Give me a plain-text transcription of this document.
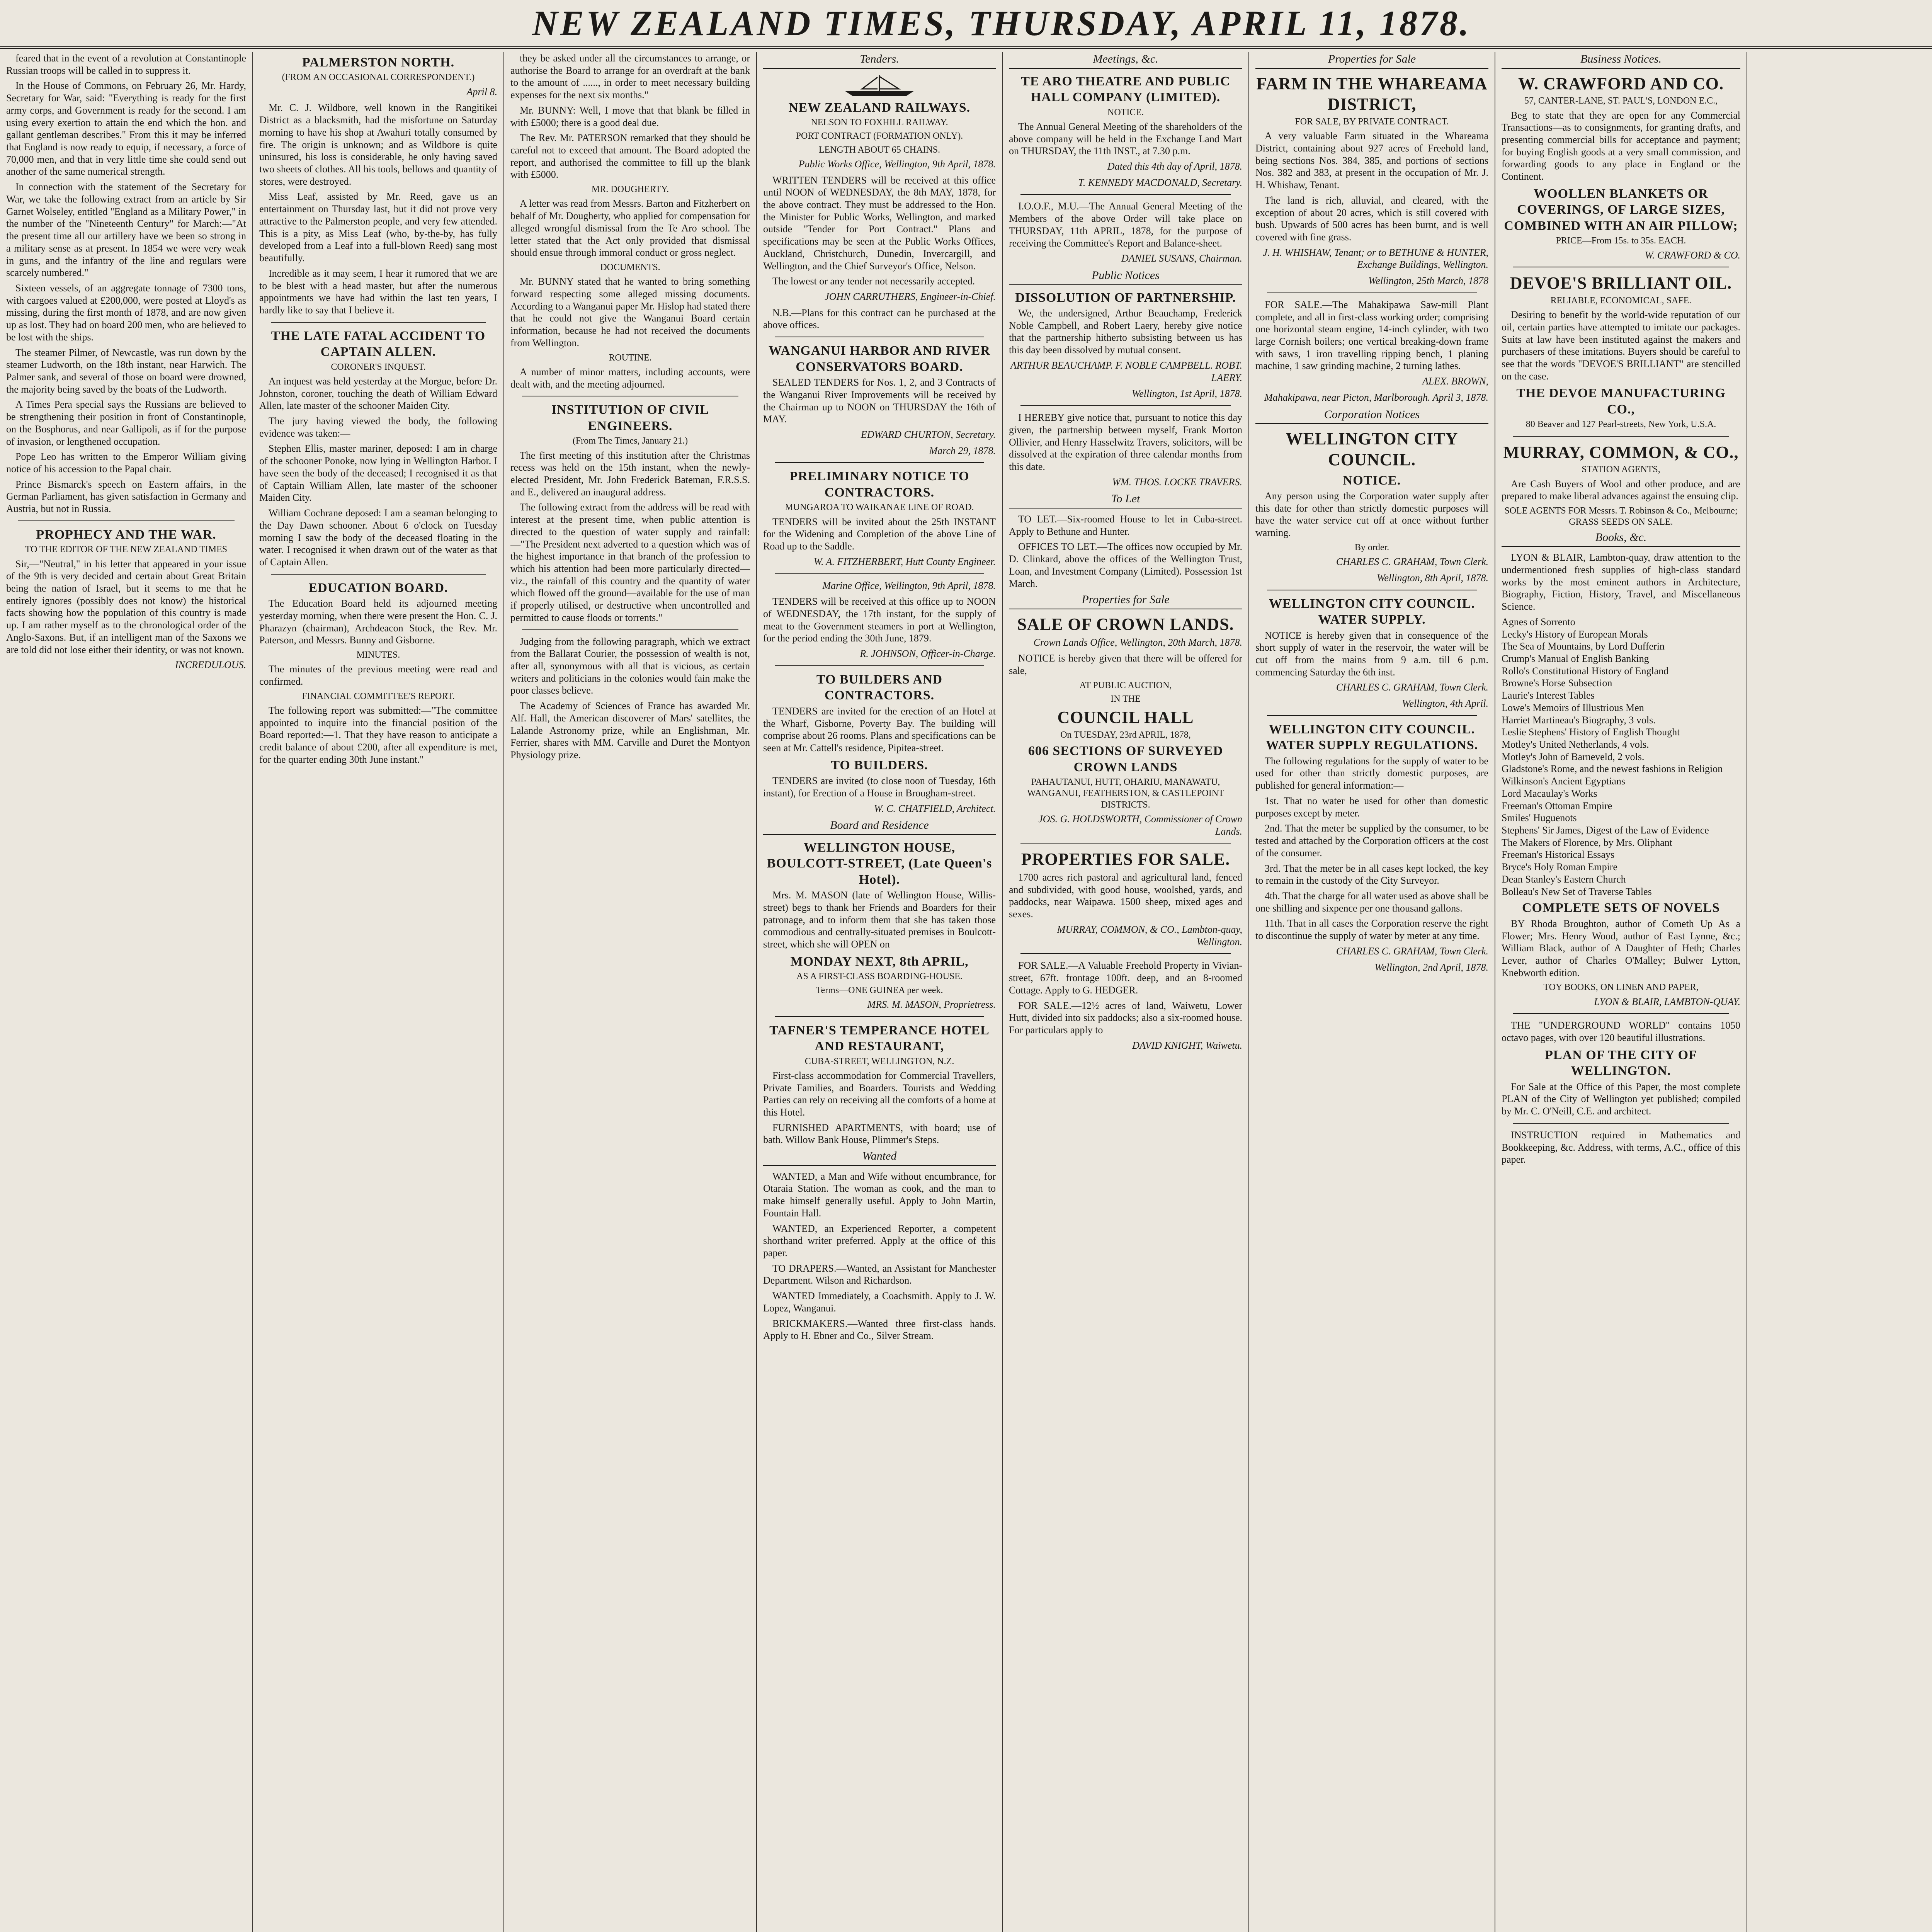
NEW ZEALAND TIMES, THURSDAY, APRIL 11, 1878.
feared that in the event of a revolution at Constantinople Russian troops will be called in to suppress it.
In the House of Commons, on February 26, Mr. Hardy, Secretary for War, said: "Everything is ready for the first army corps, and Government is ready for the second. I am using every exertion to attain the end which the hon. and gallant gentleman describes." From this it may be inferred that England is now ready to equip, if necessary, a force of 70,000 men, and that in very little time she could send out another of the same numerical strength.
In connection with the statement of the Secretary for War, we take the following extract from an article by Sir Garnet Wolseley, entitled "England as a Military Power," in the number of the "Nineteenth Century" for March:—"At the present time all our artillery have we been so strong in a military sense as at present. In 1854 we were very weak in guns, and the infantry of the line and regulars were scarcely numbered."
Sixteen vessels, of an aggregate tonnage of 7300 tons, with cargoes valued at £200,000, were posted at Lloyd's as missing, during the first month of 1878, and are now given up as lost. They had on board 200 men, who are believed to be lost with the ships.
The steamer Pilmer, of Newcastle, was run down by the steamer Ludworth, on the 18th instant, near Harwich. The Palmer sank, and several of those on board were drowned, the majority being saved by the boats of the Ludworth.
A Times Pera special says the Russians are believed to be strengthening their position in front of Constantinople, on the Bosphorus, and near Gallipoli, as if for the purpose of invasion, or lengthened occupation.
Pope Leo has written to the Emperor William giving notice of his accession to the Papal chair.
Prince Bismarck's speech on Eastern affairs, in the German Parliament, has given satisfaction in Germany and Austria, but not in Russia.
PROPHECY AND THE WAR.
TO THE EDITOR OF THE NEW ZEALAND TIMES
Sir,—"Neutral," in his letter that appeared in your issue of the 9th is very decided and certain about Great Britain being the nation of Israel, but it seems to me that he entirely ignores (possibly does not know) the historical facts showing how the population of this country is made up. I am rather myself as to the chronological order of the Anglo-Saxons. But, if an intelligent man of the Saxons we are told did not lose either their identity, or was not known.
INCREDULOUS.
PALMERSTON NORTH.
(FROM AN OCCASIONAL CORRESPONDENT.)
April 8.
Mr. C. J. Wildbore, well known in the Rangitikei District as a blacksmith, had the misfortune on Saturday morning to have his shop at Awahuri totally consumed by fire. The origin is unknown; and as Wildbore is quite uninsured, his loss is considerable, he only having saved two sheets of clothes. All his tools, bellows and quantity of stores, were destroyed.
Miss Leaf, assisted by Mr. Reed, gave us an entertainment on Thursday last, but it did not prove very attractive to the Palmerston people, and very few attended. This is a pity, as Miss Leaf (who, by-the-by, has fully developed from a Leaf into a full-blown Reed) sang most beautifully.
Incredible as it may seem, I hear it rumored that we are to be blest with a head master, but after the numerous appointments we have had within the last ten years, I hardly like to say that I believe it.
THE LATE FATAL ACCIDENT TO CAPTAIN ALLEN.
CORONER'S INQUEST.
An inquest was held yesterday at the Morgue, before Dr. Johnston, coroner, touching the death of William Edward Allen, late master of the schooner Maiden City.
The jury having viewed the body, the following evidence was taken:—
Stephen Ellis, master mariner, deposed: I am in charge of the schooner Ponoke, now lying in Wellington Harbor. I have seen the body of the deceased; I recognised it as that of Captain William Allen, late master of the schooner Maiden City.
William Cochrane deposed: I am a seaman belonging to the Day Dawn schooner. About 6 o'clock on Tuesday morning I saw the body of the deceased floating in the water. I recognised it when drawn out of the water as that of Captain Allen.
EDUCATION BOARD.
The Education Board held its adjourned meeting yesterday morning, when there were present the Hon. C. J. Pharazyn (chairman), Archdeacon Stock, the Rev. Mr. Paterson, and Messrs. Bunny and Gisborne.
MINUTES.
The minutes of the previous meeting were read and confirmed.
FINANCIAL COMMITTEE'S REPORT.
The following report was submitted:—"The committee appointed to inquire into the financial position of the Board reported:—1. That they have reason to anticipate a credit balance of about £200, after all expenditure is met, for the quarter ending 30th June instant."
they be asked under all the circumstances to arrange, or authorise the Board to arrange for an overdraft at the bank to the amount of ......, in order to meet necessary building expenses for the next six months."
Mr. BUNNY: Well, I move that that blank be filled in with £5000; there is a good deal due.
The Rev. Mr. PATERSON remarked that they should be careful not to exceed that amount. The Board adopted the report, and authorised the committee to fill up the blank with £5000.
MR. DOUGHERTY.
A letter was read from Messrs. Barton and Fitzherbert on behalf of Mr. Dougherty, who applied for compensation for alleged wrongful dismissal from the Te Aro school. The letter stated that the Act only provided that dismissal should ensue through immoral conduct or gross neglect.
DOCUMENTS.
Mr. BUNNY stated that he wanted to bring something forward respecting some alleged missing documents. According to a Wanganui paper Mr. Hislop had stated there that he could not give the Wanganui Board certain information, because he had not received the documents from Wellington.
ROUTINE.
A number of minor matters, including accounts, were dealt with, and the meeting adjourned.
INSTITUTION OF CIVIL ENGINEERS.
(From The Times, January 21.)
The first meeting of this institution after the Christmas recess was held on the 15th instant, when the newly-elected President, Mr. John Frederick Bateman, F.R.S.S. and E., delivered an inaugural address.
The following extract from the address will be read with interest at the present time, when public attention is directed to the question of water supply and rainfall:—"The President next adverted to a question which was of the highest importance in that branch of the profession to which his attention had been more particularly directed—viz., the rainfall of this country and the quantity of water which flowed off the ground—available for the use of man if properly utilised, or destructive when uncontrolled and permitted to cause floods or torrents."
Judging from the following paragraph, which we extract from the Ballarat Courier, the possession of wealth is not, after all, synonymous with all that is vicious, as certain writers and politicians in the colonies would fain make the poor classes believe.
The Academy of Sciences of France has awarded Mr. Alf. Hall, the American discoverer of Mars' satellites, the Lalande Astronomy prize, while an Englishman, Mr. Ferrier, shares with MM. Carville and Duret the Montyon Physiology prize.
Tenders.
NEW ZEALAND RAILWAYS.
NELSON TO FOXHILL RAILWAY.
PORT CONTRACT (FORMATION ONLY).
LENGTH ABOUT 65 CHAINS.
Public Works Office, Wellington, 9th April, 1878.
WRITTEN TENDERS will be received at this office until NOON of WEDNESDAY, the 8th MAY, 1878, for the above contract. They must be addressed to the Hon. the Minister for Public Works, Wellington, and marked outside "Tender for Port Contract." Plans and specifications may be seen at the Public Works Offices, Auckland, Christchurch, Dunedin, Invercargill, and Wellington, and the Chief Surveyor's Office, Nelson.
The lowest or any tender not necessarily accepted.
JOHN CARRUTHERS, Engineer-in-Chief.
N.B.—Plans for this contract can be purchased at the above offices.
WANGANUI HARBOR AND RIVER CONSERVATORS BOARD.
SEALED TENDERS for Nos. 1, 2, and 3 Contracts of the Wanganui River Improvements will be received by the Chairman up to NOON on THURSDAY the 16th of MAY.
EDWARD CHURTON, Secretary.
March 29, 1878.
PRELIMINARY NOTICE TO CONTRACTORS.
MUNGAROA TO WAIKANAE LINE OF ROAD.
TENDERS will be invited about the 25th INSTANT for the Widening and Completion of the above Line of Road up to the Saddle.
W. A. FITZHERBERT, Hutt County Engineer.
Marine Office, Wellington, 9th April, 1878.
TENDERS will be received at this office up to NOON of WEDNESDAY, the 17th instant, for the supply of meat to the Government steamers in port at Wellington, for the period ending the 30th June, 1879.
R. JOHNSON, Officer-in-Charge.
TO BUILDERS AND CONTRACTORS.
TENDERS are invited for the erection of an Hotel at the Wharf, Gisborne, Poverty Bay. The building will comprise about 26 rooms. Plans and specifications can be seen at Mr. Cattell's residence, Pipitea-street.
TO BUILDERS.
TENDERS are invited (to close noon of Tuesday, 16th instant), for Erection of a House in Brougham-street.
W. C. CHATFIELD, Architect.
Board and Residence
WELLINGTON HOUSE, BOULCOTT-STREET, (Late Queen's Hotel).
Mrs. M. MASON (late of Wellington House, Willis-street) begs to thank her Friends and Boarders for their patronage, and to inform them that she has taken those commodious and centrally-situated premises in Boulcott-street, which she will OPEN on
MONDAY NEXT, 8th APRIL,
AS A FIRST-CLASS BOARDING-HOUSE.
Terms—ONE GUINEA per week.
MRS. M. MASON, Proprietress.
TAFNER'S TEMPERANCE HOTEL AND RESTAURANT,
CUBA-STREET, WELLINGTON, N.Z.
First-class accommodation for Commercial Travellers, Private Families, and Boarders. Tourists and Wedding Parties can rely on receiving all the comforts of a home at this Hotel.
FURNISHED APARTMENTS, with board; use of bath. Willow Bank House, Plimmer's Steps.
Wanted
WANTED, a Man and Wife without encumbrance, for Otaraia Station. The woman as cook, and the man to make himself generally useful. Apply to John Martin, Fountain Hall.
WANTED, an Experienced Reporter, a competent shorthand writer preferred. Apply at the office of this paper.
TO DRAPERS.—Wanted, an Assistant for Manchester Department. Wilson and Richardson.
WANTED Immediately, a Coachsmith. Apply to J. W. Lopez, Wanganui.
BRICKMAKERS.—Wanted three first-class hands. Apply to H. Ebner and Co., Silver Stream.
Meetings, &c.
TE ARO THEATRE AND PUBLIC HALL COMPANY (LIMITED).
NOTICE.
The Annual General Meeting of the shareholders of the above company will be held in the Exchange Land Mart on THURSDAY, the 11th INST., at 7.30 p.m.
Dated this 4th day of April, 1878.
T. KENNEDY MACDONALD, Secretary.
I.O.O.F., M.U.—The Annual General Meeting of the Members of the above Order will take place on THURSDAY, 11th APRIL, 1878, for the purpose of receiving the Committee's Report and Balance-sheet.
DANIEL SUSANS, Chairman.
Public Notices
DISSOLUTION OF PARTNERSHIP.
We, the undersigned, Arthur Beauchamp, Frederick Noble Campbell, and Robert Laery, hereby give notice that the partnership hitherto subsisting between us has this day been dissolved by mutual consent.
ARTHUR BEAUCHAMP. F. NOBLE CAMPBELL. ROBT. LAERY.
Wellington, 1st April, 1878.
I HEREBY give notice that, pursuant to notice this day given, the partnership between myself, Frank Morton Ollivier, and Henry Hasselwitz Travers, solicitors, will be dissolved at the expiration of three calendar months from this date.
WM. THOS. LOCKE TRAVERS.
To Let
TO LET.—Six-roomed House to let in Cuba-street. Apply to Bethune and Hunter.
OFFICES TO LET.—The offices now occupied by Mr. D. Clinkard, above the offices of the Wellington Trust, Loan, and Investment Company (Limited). Possession 1st March.
Properties for Sale
SALE OF CROWN LANDS.
Crown Lands Office, Wellington, 20th March, 1878.
NOTICE is hereby given that there will be offered for sale,
AT PUBLIC AUCTION,
IN THE
COUNCIL HALL
On TUESDAY, 23rd APRIL, 1878,
606 SECTIONS OF SURVEYED CROWN LANDS
PAHAUTANUI, HUTT, OHARIU, MANAWATU, WANGANUI, FEATHERSTON, & CASTLEPOINT DISTRICTS.
JOS. G. HOLDSWORTH, Commissioner of Crown Lands.
PROPERTIES FOR SALE.
1700 acres rich pastoral and agricultural land, fenced and subdivided, with good house, woolshed, yards, and paddocks, near Waipawa. 1500 sheep, mixed ages and sexes.
MURRAY, COMMON, & CO., Lambton-quay, Wellington.
FOR SALE.—A Valuable Freehold Property in Vivian-street, 67ft. frontage 100ft. deep, and an 8-roomed Cottage. Apply to G. HEDGER.
FOR SALE.—12½ acres of land, Waiwetu, Lower Hutt, divided into six paddocks; also a six-roomed house. For particulars apply to
DAVID KNIGHT, Waiwetu.
Properties for Sale
FARM IN THE WHAREAMA DISTRICT,
FOR SALE, BY PRIVATE CONTRACT.
A very valuable Farm situated in the Whareama District, containing about 927 acres of Freehold land, being sections Nos. 384, 385, and portions of sections Nos. 382 and 383, at present in the occupation of Mr. J. H. Whishaw, Tenant.
The land is rich, alluvial, and cleared, with the exception of about 20 acres, which is still covered with bush. Upwards of 500 acres has been burnt, and is well covered with fine grass.
J. H. WHISHAW, Tenant; or to BETHUNE & HUNTER, Exchange Buildings, Wellington.
Wellington, 25th March, 1878
FOR SALE.—The Mahakipawa Saw-mill Plant complete, and all in first-class working order; comprising one horizontal steam engine, 14-inch cylinder, with two large Cornish boilers; one vertical breaking-down frame with saws, 1 iron travelling ripping bench, 1 planing machine, 1 saw grinding machine, 2 turning lathes.
ALEX. BROWN,
Mahakipawa, near Picton, Marlborough. April 3, 1878.
Corporation Notices
WELLINGTON CITY COUNCIL.
NOTICE.
Any person using the Corporation water supply after this date for other than strictly domestic purposes will have the water service cut off at once without further warning.
By order.
CHARLES C. GRAHAM, Town Clerk.
Wellington, 8th April, 1878.
WELLINGTON CITY COUNCIL. WATER SUPPLY.
NOTICE is hereby given that in consequence of the short supply of water in the reservoir, the water will be cut off from the mains from 9 a.m. till 6 p.m. commencing Saturday the 6th inst.
CHARLES C. GRAHAM, Town Clerk.
Wellington, 4th April.
WELLINGTON CITY COUNCIL. WATER SUPPLY REGULATIONS.
The following regulations for the supply of water to be used for other than strictly domestic purposes, are published for general information:—
1st. That no water be used for other than domestic purposes except by meter.
2nd. That the meter be supplied by the consumer, to be tested and attached by the Corporation officers at the cost of the consumer.
3rd. That the meter be in all cases kept locked, the key to remain in the custody of the City Surveyor.
4th. That the charge for all water used as above shall be one shilling and sixpence per one thousand gallons.
11th. That in all cases the Corporation reserve the right to discontinue the supply of water by meter at any time.
CHARLES C. GRAHAM, Town Clerk.
Wellington, 2nd April, 1878.
Business Notices.
W. CRAWFORD AND CO.
57, CANTER-LANE, ST. PAUL'S, LONDON E.C.,
Beg to state that they are open for any Commercial Transactions—as to consignments, for granting drafts, and presenting commercial bills for acceptance and payment; for buying English goods at a very small commission, and forwarding goods to any place in England or the Continent.
WOOLLEN BLANKETS OR COVERINGS, OF LARGE SIZES, COMBINED WITH AN AIR PILLOW;
PRICE—From 15s. to 35s. EACH.
W. CRAWFORD & CO.
DEVOE'S BRILLIANT OIL.
RELIABLE, ECONOMICAL, SAFE.
Desiring to benefit by the world-wide reputation of our oil, certain parties have attempted to imitate our packages. Suits at law have been instituted against the makers and purchasers of these imitations. Buyers should be careful to see that the words "DEVOE'S BRILLIANT" are stencilled on the case.
THE DEVOE MANUFACTURING CO.,
80 Beaver and 127 Pearl-streets, New York, U.S.A.
MURRAY, COMMON, & CO.,
STATION AGENTS,
Are Cash Buyers of Wool and other produce, and are prepared to make liberal advances against the ensuing clip.
SOLE AGENTS FOR Messrs. T. Robinson & Co., Melbourne; GRASS SEEDS ON SALE.
Books, &c.
LYON & BLAIR, Lambton-quay, draw attention to the undermentioned fresh supplies of high-class standard works by the most eminent authors in Architecture, Biography, Fiction, History, Travel, and Miscellaneous Science.
Agnes of Sorrento
Lecky's History of European Morals
The Sea of Mountains, by Lord Dufferin
Crump's Manual of English Banking
Rollo's Constitutional History of England
Browne's Horse Subsection
Laurie's Interest Tables
Lowe's Memoirs of Illustrious Men
Harriet Martineau's Biography, 3 vols.
Leslie Stephens' History of English Thought
Motley's United Netherlands, 4 vols.
Motley's John of Barneveld, 2 vols.
Gladstone's Rome, and the newest fashions in Religion
Wilkinson's Ancient Egyptians
Lord Macaulay's Works
Freeman's Ottoman Empire
Smiles' Huguenots
Stephens' Sir James, Digest of the Law of Evidence
The Makers of Florence, by Mrs. Oliphant
Freeman's Historical Essays
Bryce's Holy Roman Empire
Dean Stanley's Eastern Church
Bolleau's New Set of Traverse Tables
COMPLETE SETS OF NOVELS
BY Rhoda Broughton, author of Cometh Up As a Flower; Mrs. Henry Wood, author of East Lynne, &c.; William Black, author of A Daughter of Heth; Charles Lever, author of Charles O'Malley; Bulwer Lytton, Knebworth edition.
TOY BOOKS, ON LINEN AND PAPER,
LYON & BLAIR, LAMBTON-QUAY.
THE "UNDERGROUND WORLD" contains 1050 octavo pages, with over 120 beautiful illustrations.
PLAN OF THE CITY OF WELLINGTON.
For Sale at the Office of this Paper, the most complete PLAN of the City of Wellington yet published; compiled by Mr. C. O'Neill, C.E. and architect.
INSTRUCTION required in Mathematics and Bookkeeping, &c. Address, with terms, A.C., office of this paper.
